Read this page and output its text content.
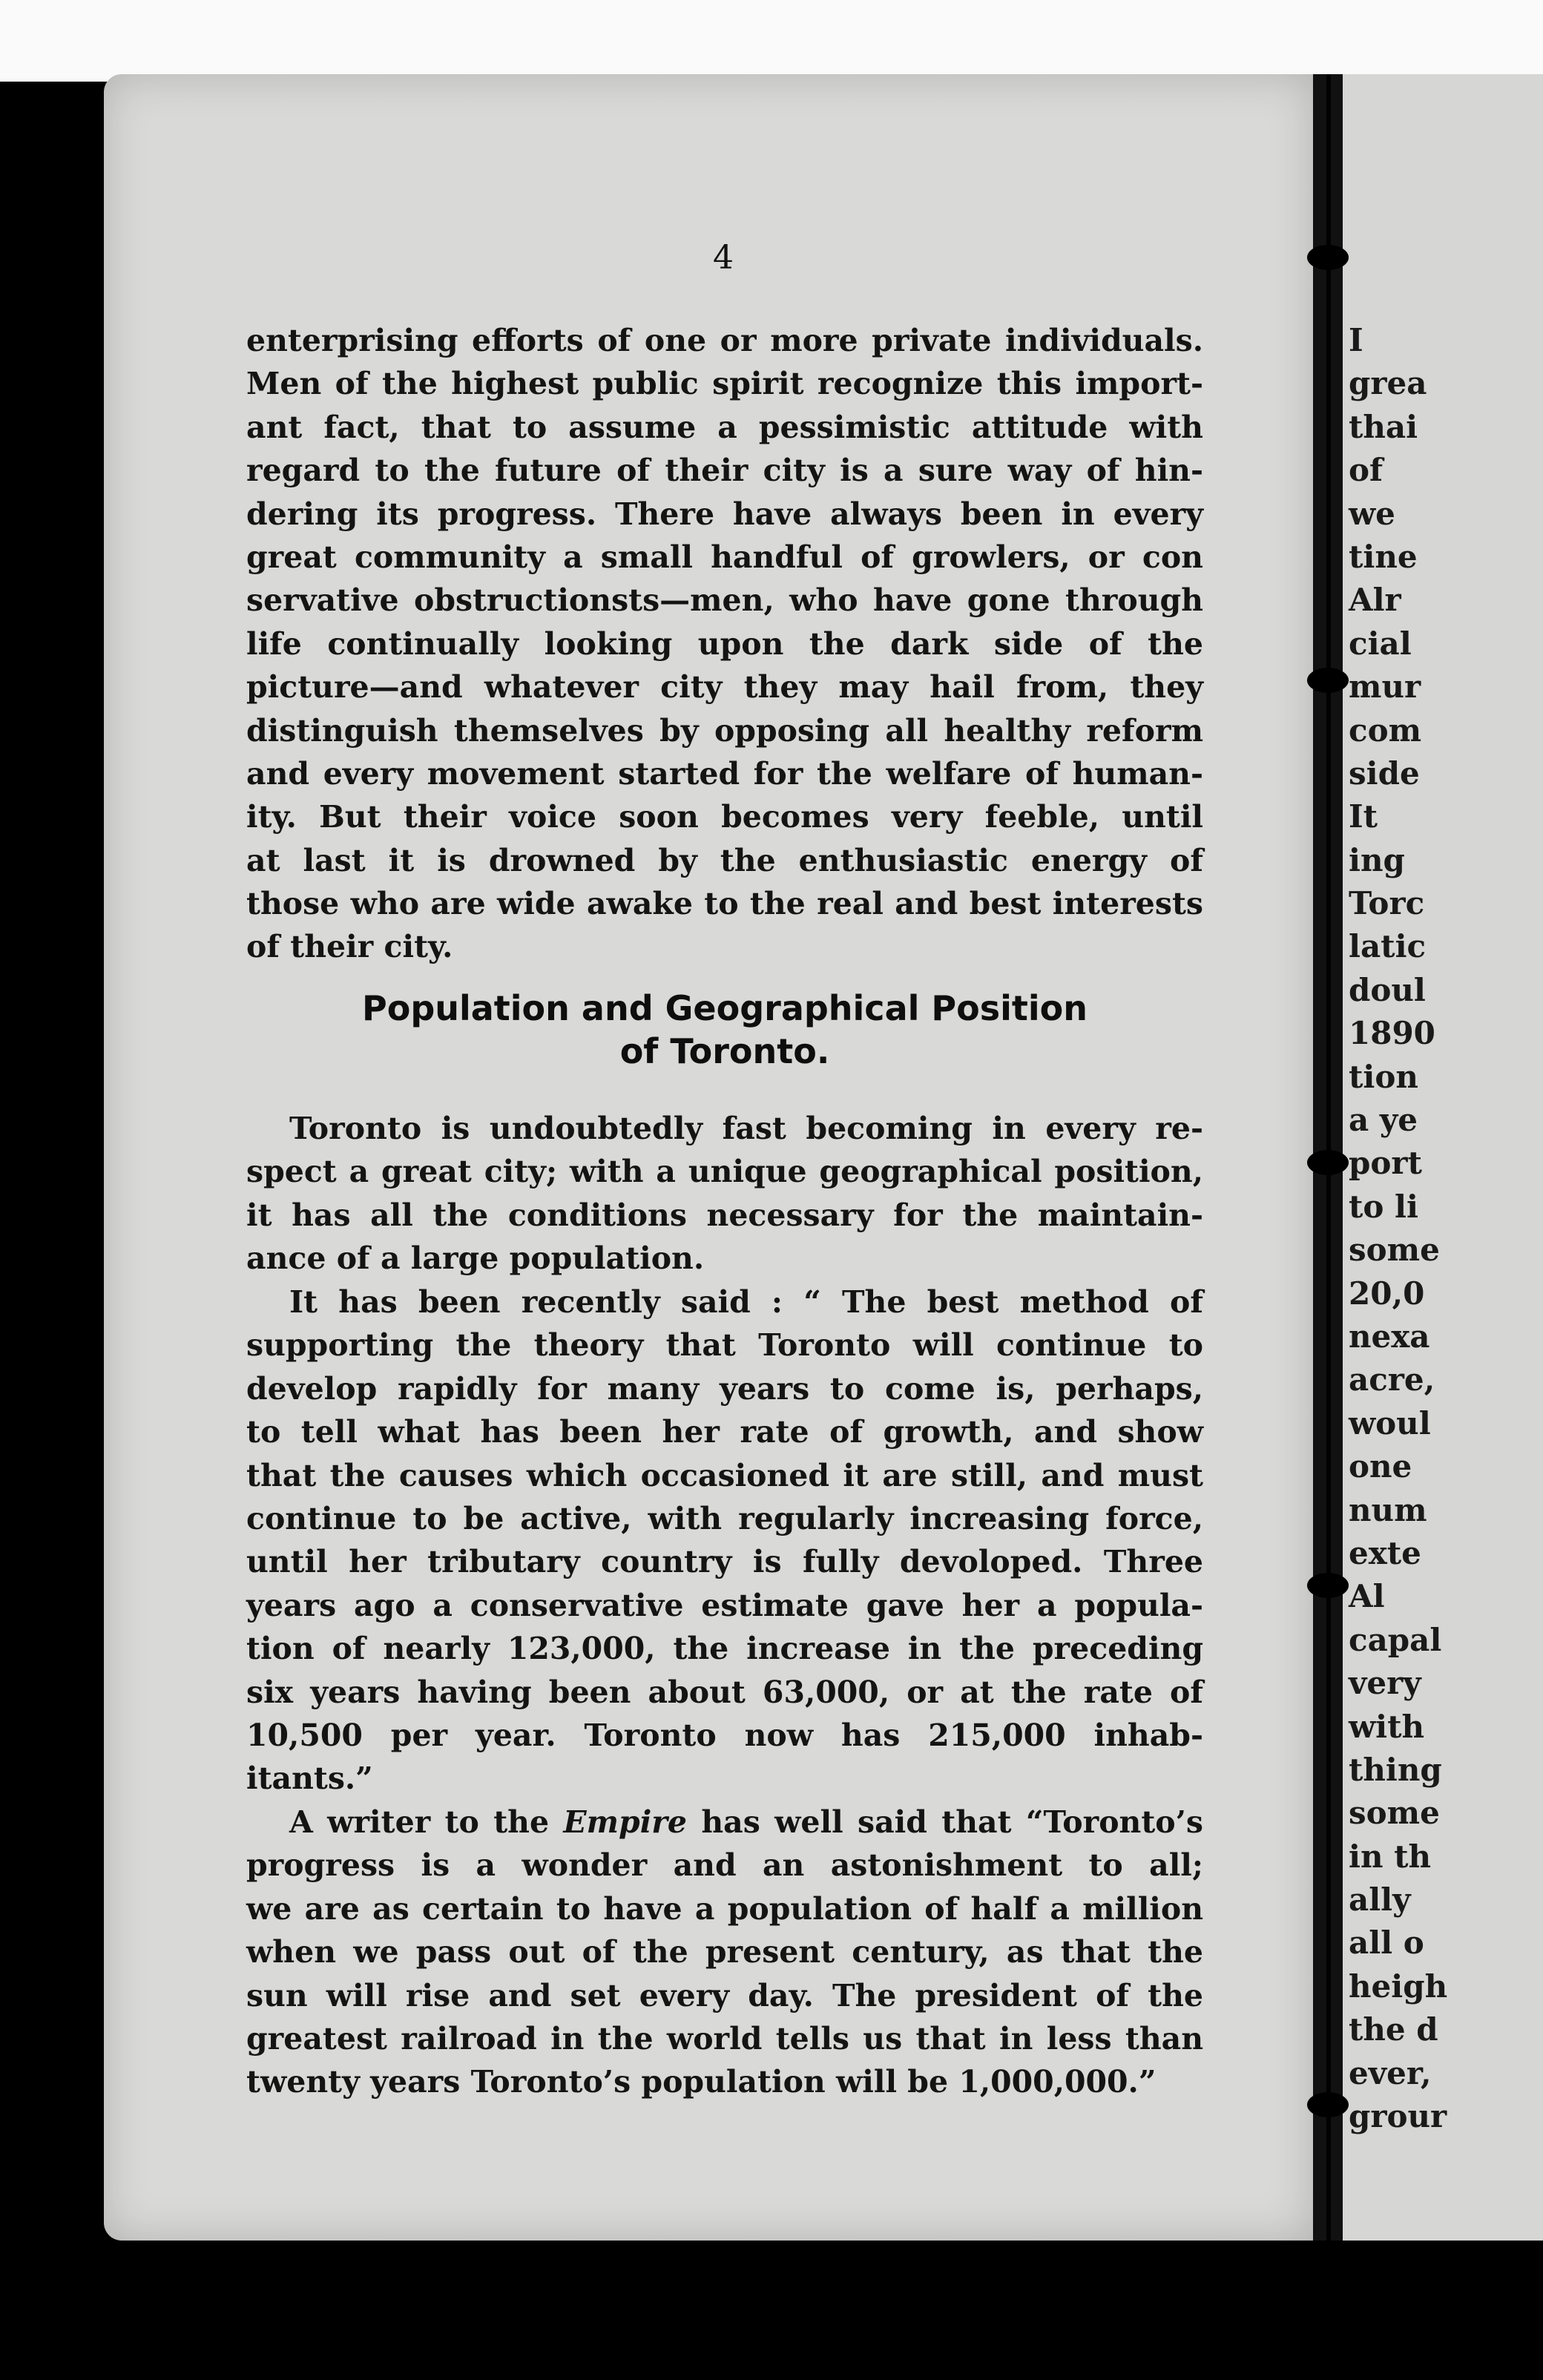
I
grea
thai
of
we
tine
Alr
cial
mur
com
side
It
ing
Torc
latic
doul
1890
tion
a ye
port
to li
some
20,0
nexa
acre,
woul
one
num
exte
Al
capal
very
with
thing
some
in th
ally
all o
heigh
the d
ever,
grour
4
enterprising efforts of one or more private individuals.
Men of the highest public spirit recognize this import-
ant fact, that to assume a pessimistic attitude with
regard to the future of their city is a sure way of hin-
dering its progress. There have always been in every
great community a small handful of growlers, or con
servative obstructionsts—men, who have gone through
life continually looking upon the dark side of the
picture—and whatever city they may hail from, they
distinguish themselves by opposing all healthy reform
and every movement started for the welfare of human-
ity. But their voice soon becomes very feeble, until
at last it is drowned by the enthusiastic energy of
those who are wide awake to the real and best interests
of their city.
Population and Geographical Position
of Toronto.
Toronto is undoubtedly fast becoming in every re-
spect a great city; with a unique geographical position,
it has all the conditions necessary for the maintain-
ance of a large population.
It has been recently said : “ The best method of
supporting the theory that Toronto will continue to
develop rapidly for many years to come is, perhaps,
to tell what has been her rate of growth, and show
that the causes which occasioned it are still, and must
continue to be active, with regularly increasing force,
until her tributary country is fully devoloped. Three
years ago a conservative estimate gave her a popula-
tion of nearly 123,000, the increase in the preceding
six years having been about 63,000, or at the rate of
10,500 per year. Toronto now has 215,000 inhab-
itants.”
A writer to the Empire has well said that “Toronto’s
progress is a wonder and an astonishment to all;
we are as certain to have a population of half a million
when we pass out of the present century, as that the
sun will rise and set every day. The president of the
greatest railroad in the world tells us that in less than
twenty years Toronto’s population will be 1,000,000.”
